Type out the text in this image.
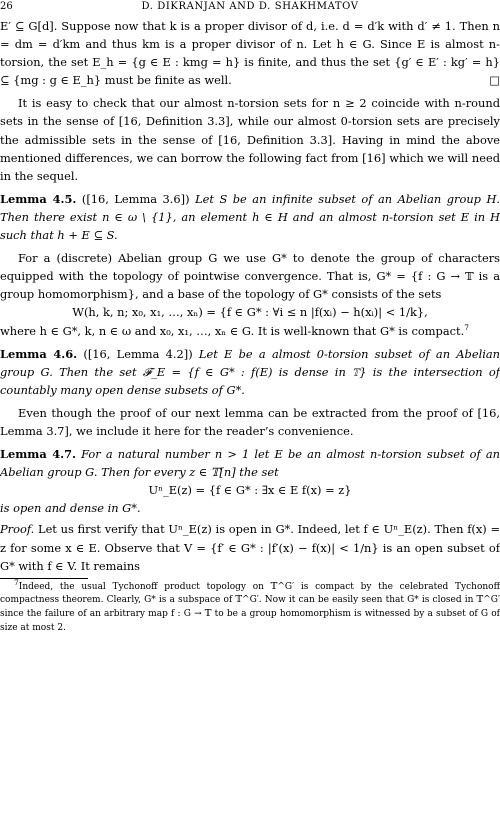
26	D. DIKRANJAN AND D. SHAKHMATOV

E′ ⊆ G[d]. Suppose now that k is a proper divisor of d, i.e. d = d′k with d′ ≠ 1. Then n = dm = d′km and thus km is a proper divisor of n. Let h ∈ G. Since E is almost n-torsion, the set E_h = {g ∈ E : kmg = h} is finite, and thus the set {g′ ∈ E′ : kg′ = h} ⊆ {mg : g ∈ E_h} must be finite as well.	□

It is easy to check that our almost n-torsion sets for n ≥ 2 coincide with n-round sets in the sense of [16, Definition 3.3], while our almost 0-torsion sets are precisely the admissible sets in the sense of [16, Definition 3.3]. Having in mind the above mentioned differences, we can borrow the following fact from [16] which we will need in the sequel.

Lemma 4.5. ([16, Lemma 3.6]) Let S be an infinite subset of an Abelian group H. Then there exist n ∈ ω \ {1}, an element h ∈ H and an almost n-torsion set E in H such that h + E ⊆ S.

For a (discrete) Abelian group G we use G* to denote the group of characters equipped with the topology of pointwise convergence. That is, G* = {f : G → 𝕋 is a group homomorphism}, and a base of the topology of G* consists of the sets

W(h, k, n; x₀, x₁, …, xₙ) = {f ∈ G* : ∀i ≤ n |f(xᵢ) − h(xᵢ)| < 1/k},

where h ∈ G*, k, n ∈ ω and x₀, x₁, …, xₙ ∈ G. It is well-known that G* is compact.$^7$

Lemma 4.6. ([16, Lemma 4.2]) Let E be a almost 0-torsion subset of an Abelian group G. Then the set 𝓕_E = {f ∈ G* : f(E) is dense in 𝕋} is the intersection of countably many open dense subsets of G*.

Even though the proof of our next lemma can be extracted from the proof of [16, Lemma 3.7], we include it here for the reader’s convenience.

Lemma 4.7. For a natural number n > 1 let E be an almost n-torsion subset of an Abelian group G. Then for every z ∈ 𝕋[n] the set

Uⁿ_E(z) = {f ∈ G* : ∃x ∈ E f(x) = z}

is open and dense in G*.

Proof. Let us first verify that Uⁿ_E(z) is open in G*. Indeed, let f ∈ Uⁿ_E(z). Then f(x) = z for some x ∈ E. Observe that V = {f′ ∈ G* : |f′(x) − f(x)| < 1/n} is an open subset of G* with f ∈ V. It remains

$^7$Indeed, the usual Tychonoff product topology on 𝕋^G′ is compact by the celebrated Tychonoff compactness theorem. Clearly, G* is a subspace of 𝕋^G′. Now it can be easily seen that G* is closed in 𝕋^G′ since the failure of an arbitrary map f : G → 𝕋 to be a group homomorphism is witnessed by a subset of G of size at most 2.
